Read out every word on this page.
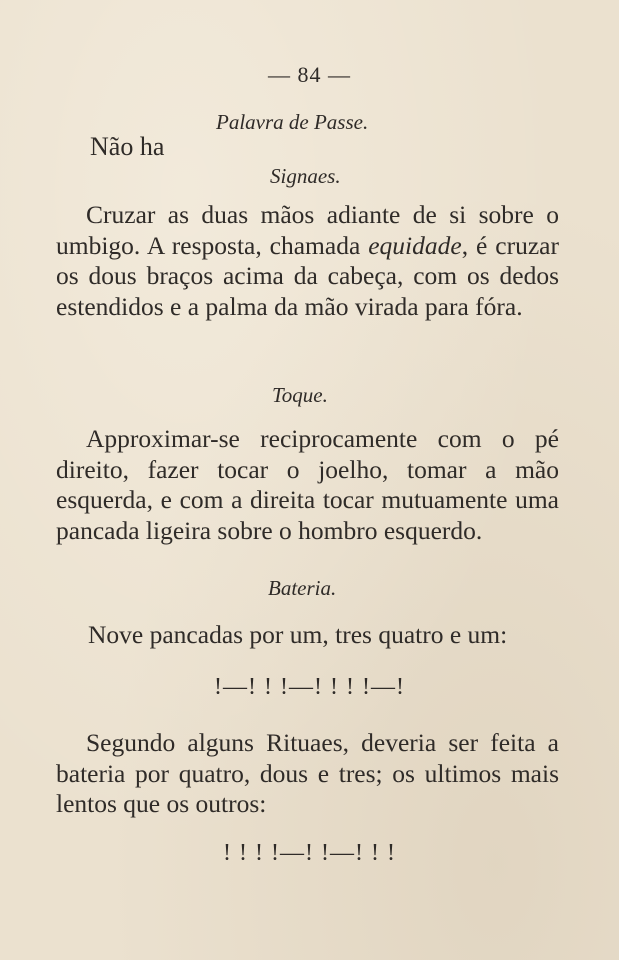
— 84 —
Palavra de Passe.
Não ha
Signaes.
Cruzar as duas mãos adiante de si sobre o umbigo. A resposta, chamada equidade, é cruzar os dous braços acima da cabeça, com os dedos estendidos e a palma da mão virada para fóra.
Toque.
Approximar-se reciprocamente com o pé direito, fazer tocar o joelho, tomar a mão esquerda, e com a direita tocar mutuamente uma pancada ligeira sobre o hombro esquerdo.
Bateria.
Nove pancadas por um, tres quatro e um:
!—! ! !—! ! ! !—!
Segundo alguns Rituaes, deveria ser feita a bateria por quatro, dous e tres; os ultimos mais lentos que os outros:
! ! ! !—! !—! ! !
